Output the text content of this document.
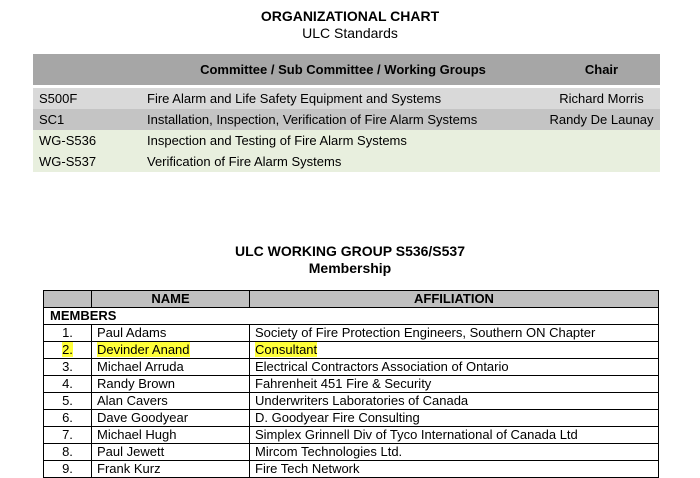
ORGANIZATIONAL CHART
ULC Standards
	Committee / Sub Committee / Working Groups	Chair
S500F	Fire Alarm and Life Safety Equipment and Systems	Richard Morris
SC1	Installation, Inspection, Verification of Fire Alarm Systems	Randy De Launay
WG-S536	Inspection and Testing of Fire Alarm Systems	
WG-S537	Verification of Fire Alarm Systems	
ULC WORKING GROUP S536/S537
Membership
	NAME	AFFILIATION
MEMBERS		
1.	Paul Adams	Society of Fire Protection Engineers, Southern ON Chapter
2.	Devinder Anand	Consultant
3.	Michael Arruda	Electrical Contractors Association of Ontario
4.	Randy Brown	Fahrenheit 451 Fire & Security
5.	Alan Cavers	Underwriters Laboratories of Canada
6.	Dave Goodyear	D. Goodyear Fire Consulting
7.	Michael Hugh	Simplex Grinnell Div of Tyco International of Canada Ltd
8.	Paul Jewett	Mircom Technologies Ltd.
9.	Frank Kurz	Fire Tech Network
